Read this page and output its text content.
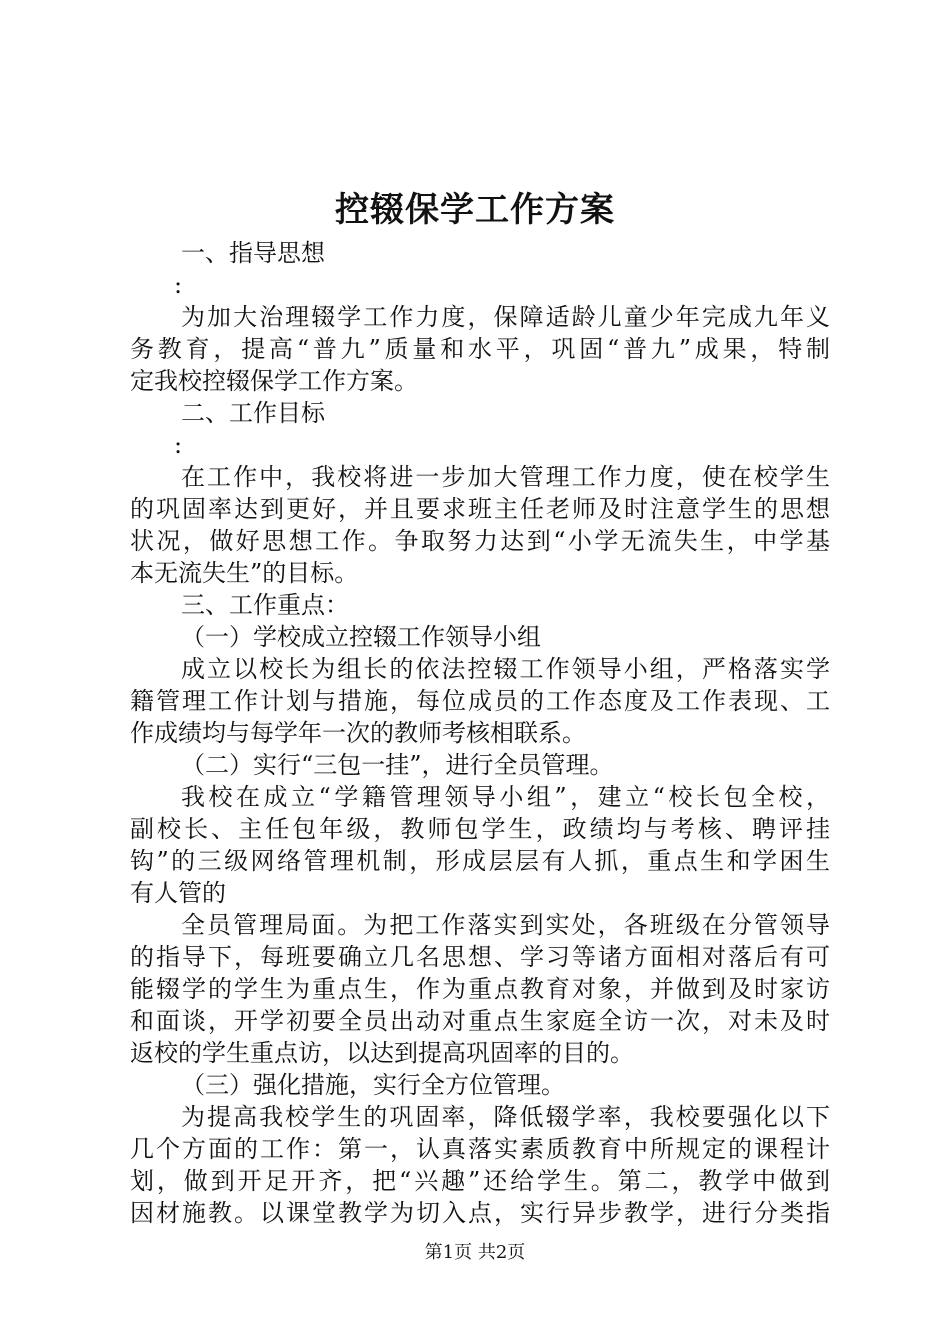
控辍保学工作方案
一、指导思想
:
为加大治理辍学工作力度，保障适龄儿童少年完成九年义
务教育，提高“普九”质量和水平，巩固“普九”成果，特制
定我校控辍保学工作方案。
二、工作目标
:
在工作中，我校将进一步加大管理工作力度，使在校学生
的巩固率达到更好，并且要求班主任老师及时注意学生的思想
状况，做好思想工作。争取努力达到“小学无流失生，中学基
本无流失生”的目标。
三、工作重点：
（一）学校成立控辍工作领导小组
成立以校长为组长的依法控辍工作领导小组，严格落实学
籍管理工作计划与措施，每位成员的工作态度及工作表现、工
作成绩均与每学年一次的教师考核相联系。
（二）实行“三包一挂”，进行全员管理。
我校在成立“学籍管理领导小组”，建立“校长包全校，
副校长、主任包年级，教师包学生，政绩均与考核、聘评挂
钩”的三级网络管理机制，形成层层有人抓，重点生和学困生
有人管的
全员管理局面。为把工作落实到实处，各班级在分管领导
的指导下，每班要确立几名思想、学习等诸方面相对落后有可
能辍学的学生为重点生，作为重点教育对象，并做到及时家访
和面谈，开学初要全员出动对重点生家庭全访一次，对未及时
返校的学生重点访，以达到提高巩固率的目的。
（三）强化措施，实行全方位管理。
为提高我校学生的巩固率，降低辍学率，我校要强化以下
几个方面的工作：第一，认真落实素质教育中所规定的课程计
划，做到开足开齐，把“兴趣”还给学生。第二，教学中做到
因材施教。以课堂教学为切入点，实行异步教学，进行分类指
第1页 共2页
